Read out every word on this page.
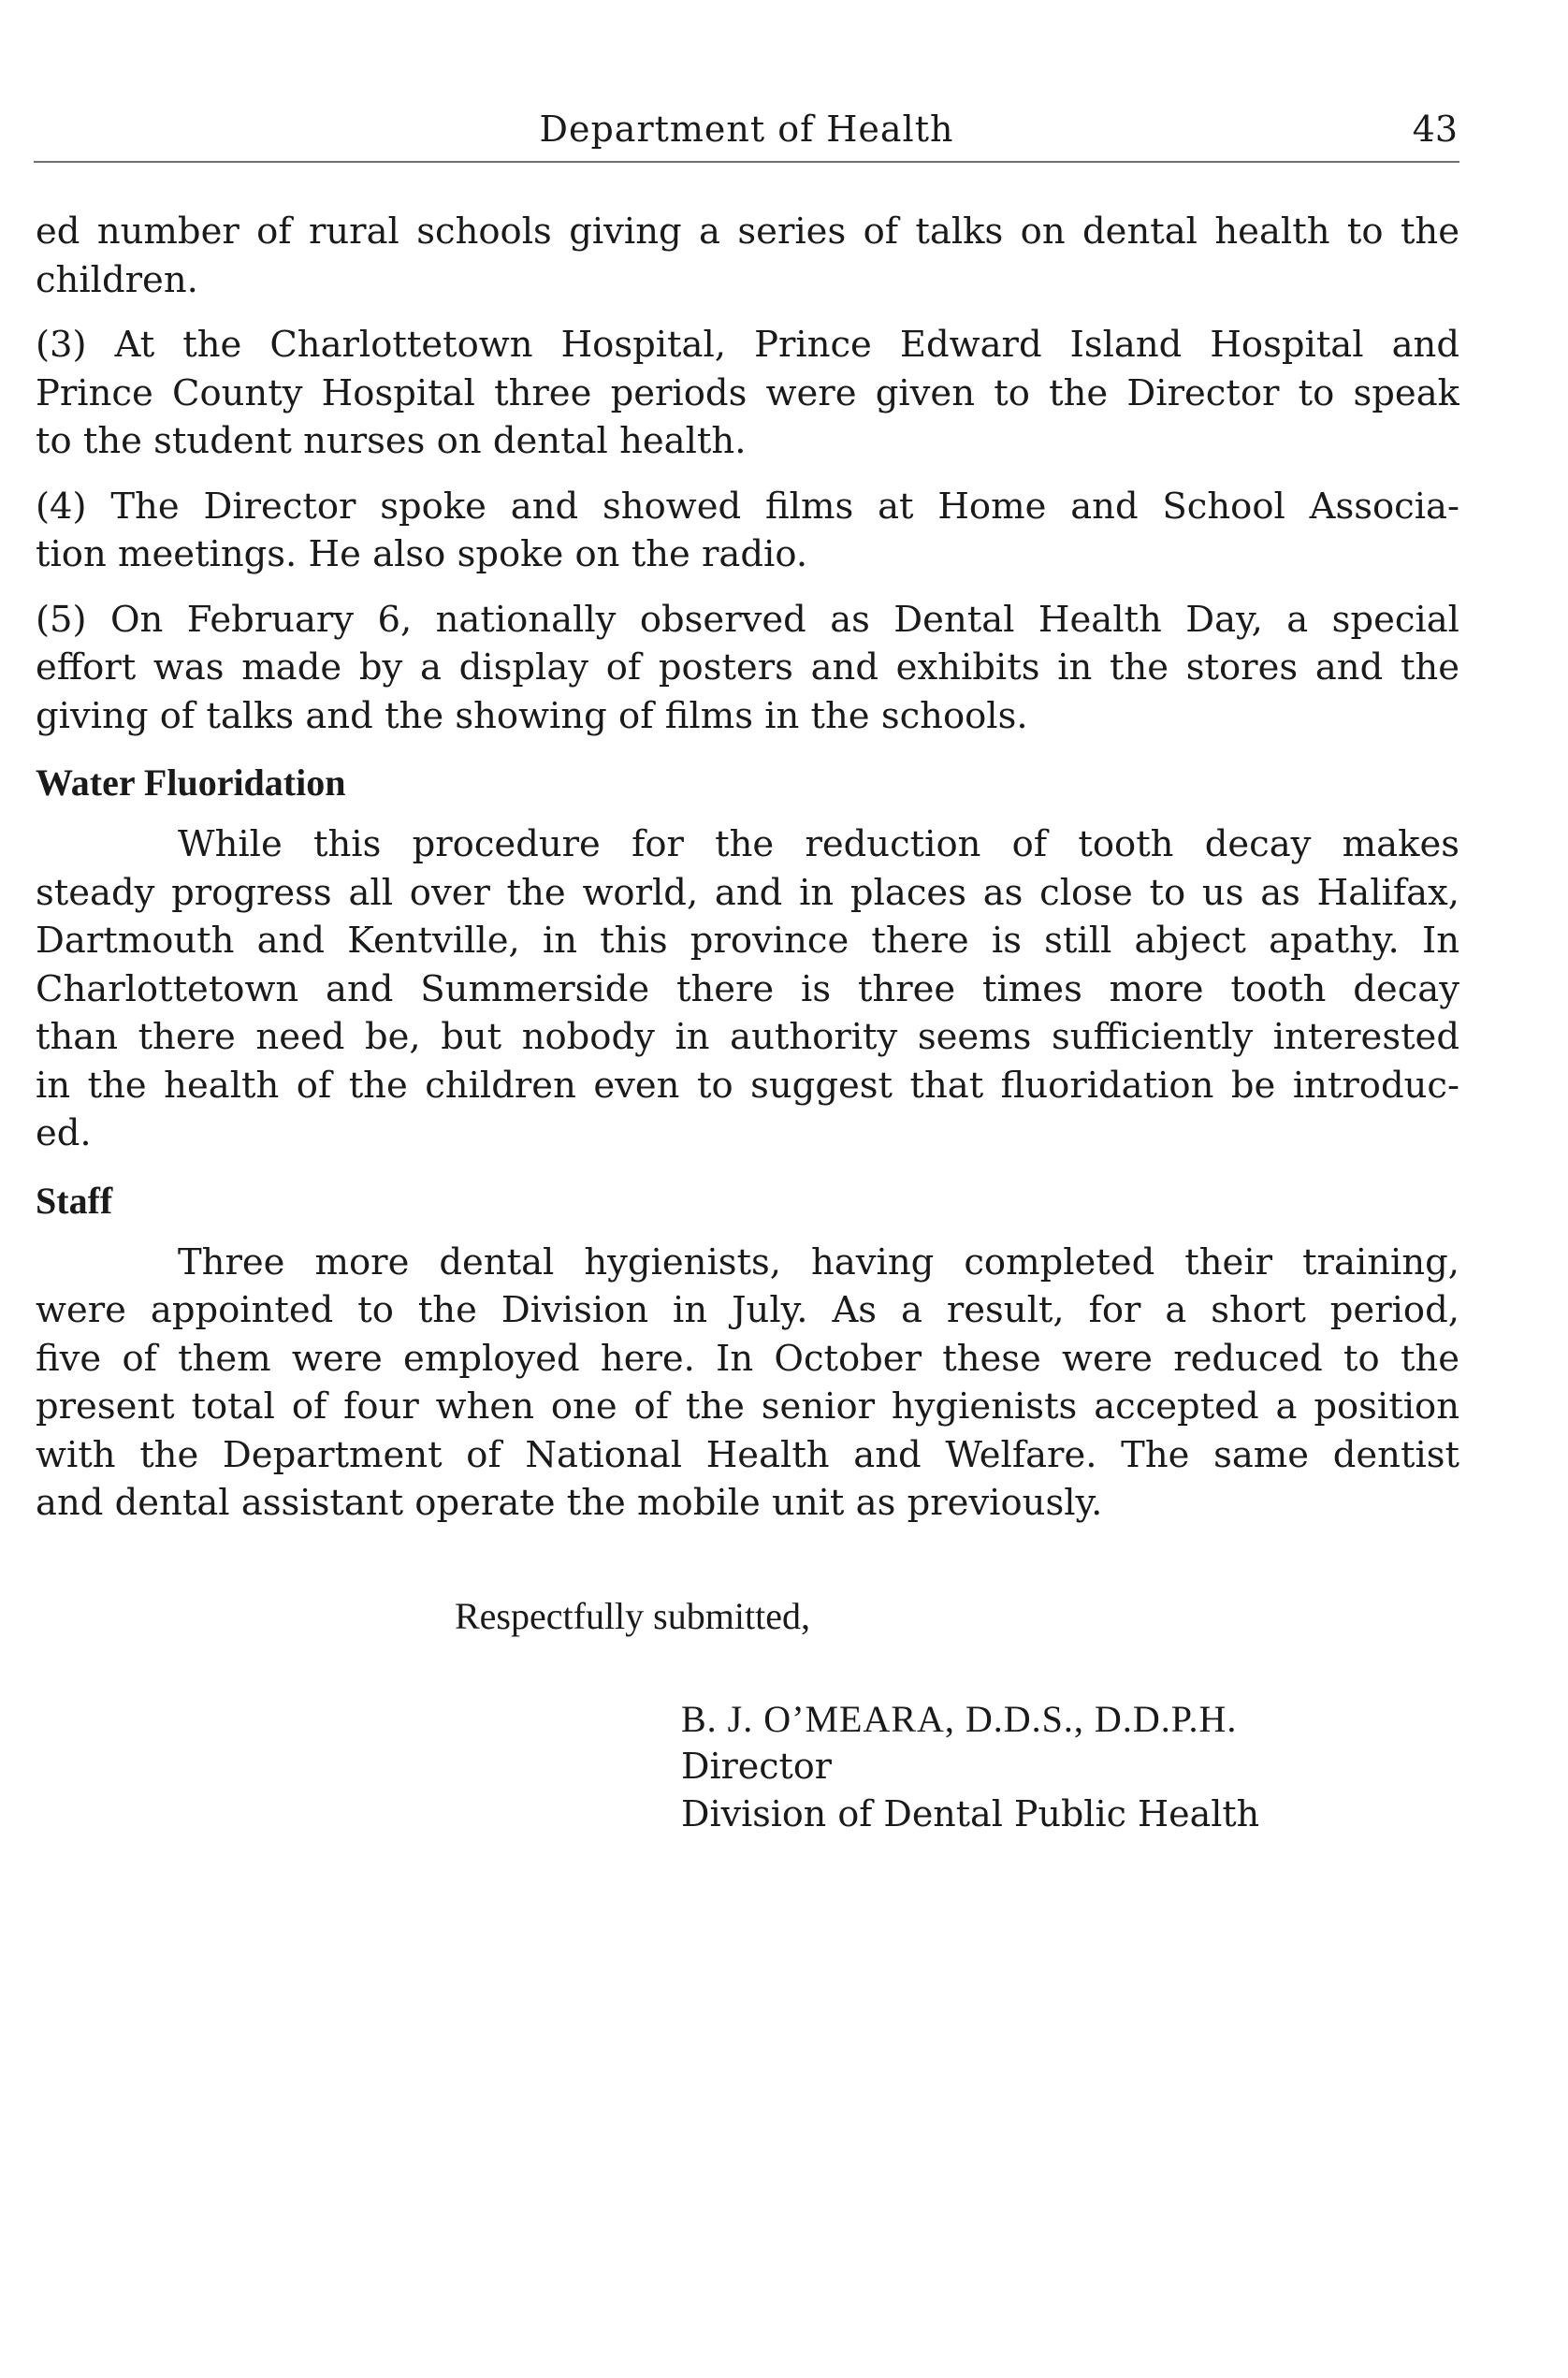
Department of Health	43
ed number of rural schools giving a series of talks on dental health to the
children.
(3) At the Charlottetown Hospital, Prince Edward Island Hospital and
Prince County Hospital three periods were given to the Director to speak
to the student nurses on dental health.
(4) The Director spoke and showed films at Home and School Associa-
tion meetings. He also spoke on the radio.
(5) On February 6, nationally observed as Dental Health Day, a special
effort was made by a display of posters and exhibits in the stores and the
giving of talks and the showing of films in the schools.
Water Fluoridation
While this procedure for the reduction of tooth decay makes
steady progress all over the world, and in places as close to us as Halifax,
Dartmouth and Kentville, in this province there is still abject apathy. In
Charlottetown and Summerside there is three times more tooth decay
than there need be, but nobody in authority seems sufficiently interested
in the health of the children even to suggest that fluoridation be introduc-
ed.
Staff
Three more dental hygienists, having completed their training,
were appointed to the Division in July. As a result, for a short period,
five of them were employed here. In October these were reduced to the
present total of four when one of the senior hygienists accepted a position
with the Department of National Health and Welfare. The same dentist
and dental assistant operate the mobile unit as previously.
Respectfully submitted,
B. J. O’MEARA, D.D.S., D.D.P.H.
Director
Division of Dental Public Health
